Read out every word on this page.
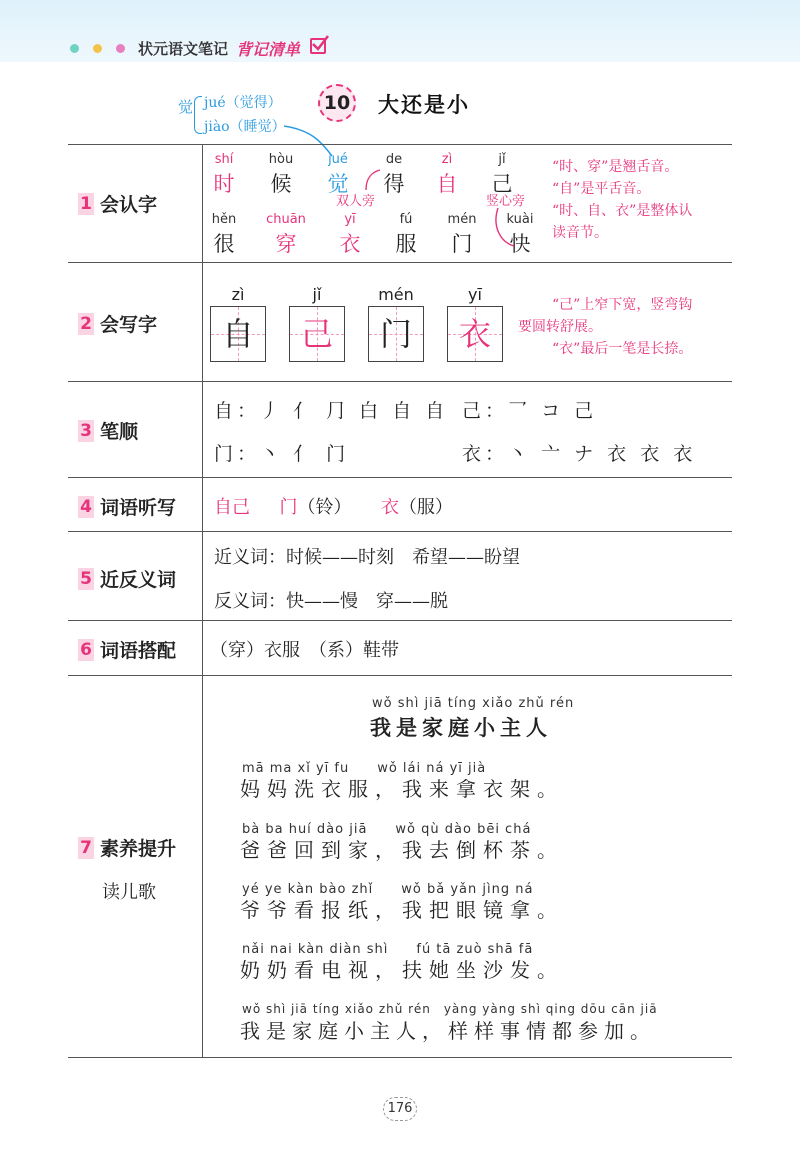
状元语文笔记 背记清单
觉 jué（觉得）
jiào（睡觉）
10 大还是小
1 会认字
2 会写字
3 笔顺
4 词语听写
5 近反义词
6 词语搭配
7 素养提升
读儿歌
shí
时
hòu
候
jué
觉
de
得
zì
自
jǐ
己
hěn
很
chuān
穿
yī
衣
fú
服
mén
门
kuài
快
双人旁	竖心旁
“时、穿”是翘舌音。
“自”是平舌音。
“时、自、衣”是整体认
读音节。
zì
自
jǐ
己
mén
门
yī
衣
“己”上窄下宽，竖弯钩
要圆转舒展。
“衣”最后一笔是长捺。
自：丿 亻 ⺆ 白 自 自 己：乛 コ 己
门：丶 亻 门	衣：丶 亠 ナ 衣 衣 衣
自己 门（铃） 衣（服）
近义词：时候——时刻　希望——盼望
反义词：快——慢　穿——脱
（穿）衣服　（系）鞋带
wǒ shì jiā tíng xiǎo zhǔ rén
我是家庭小主人
mā ma xǐ yī fu　　wǒ lái ná yī jià
妈妈洗衣服，我来拿衣架。
bà ba huí dào jiā　　wǒ qù dào bēi chá
爸爸回到家，我去倒杯茶。
yé ye kàn bào zhǐ　　wǒ bǎ yǎn jìng ná
爷爷看报纸，我把眼镜拿。
nǎi nai kàn diàn shì　　fú tā zuò shā fā
奶奶看电视，扶她坐沙发。
wǒ shì jiā tíng xiǎo zhǔ rén　yàng yàng shì qing dōu cān jiā
我是家庭小主人，样样事情都参加。
176
